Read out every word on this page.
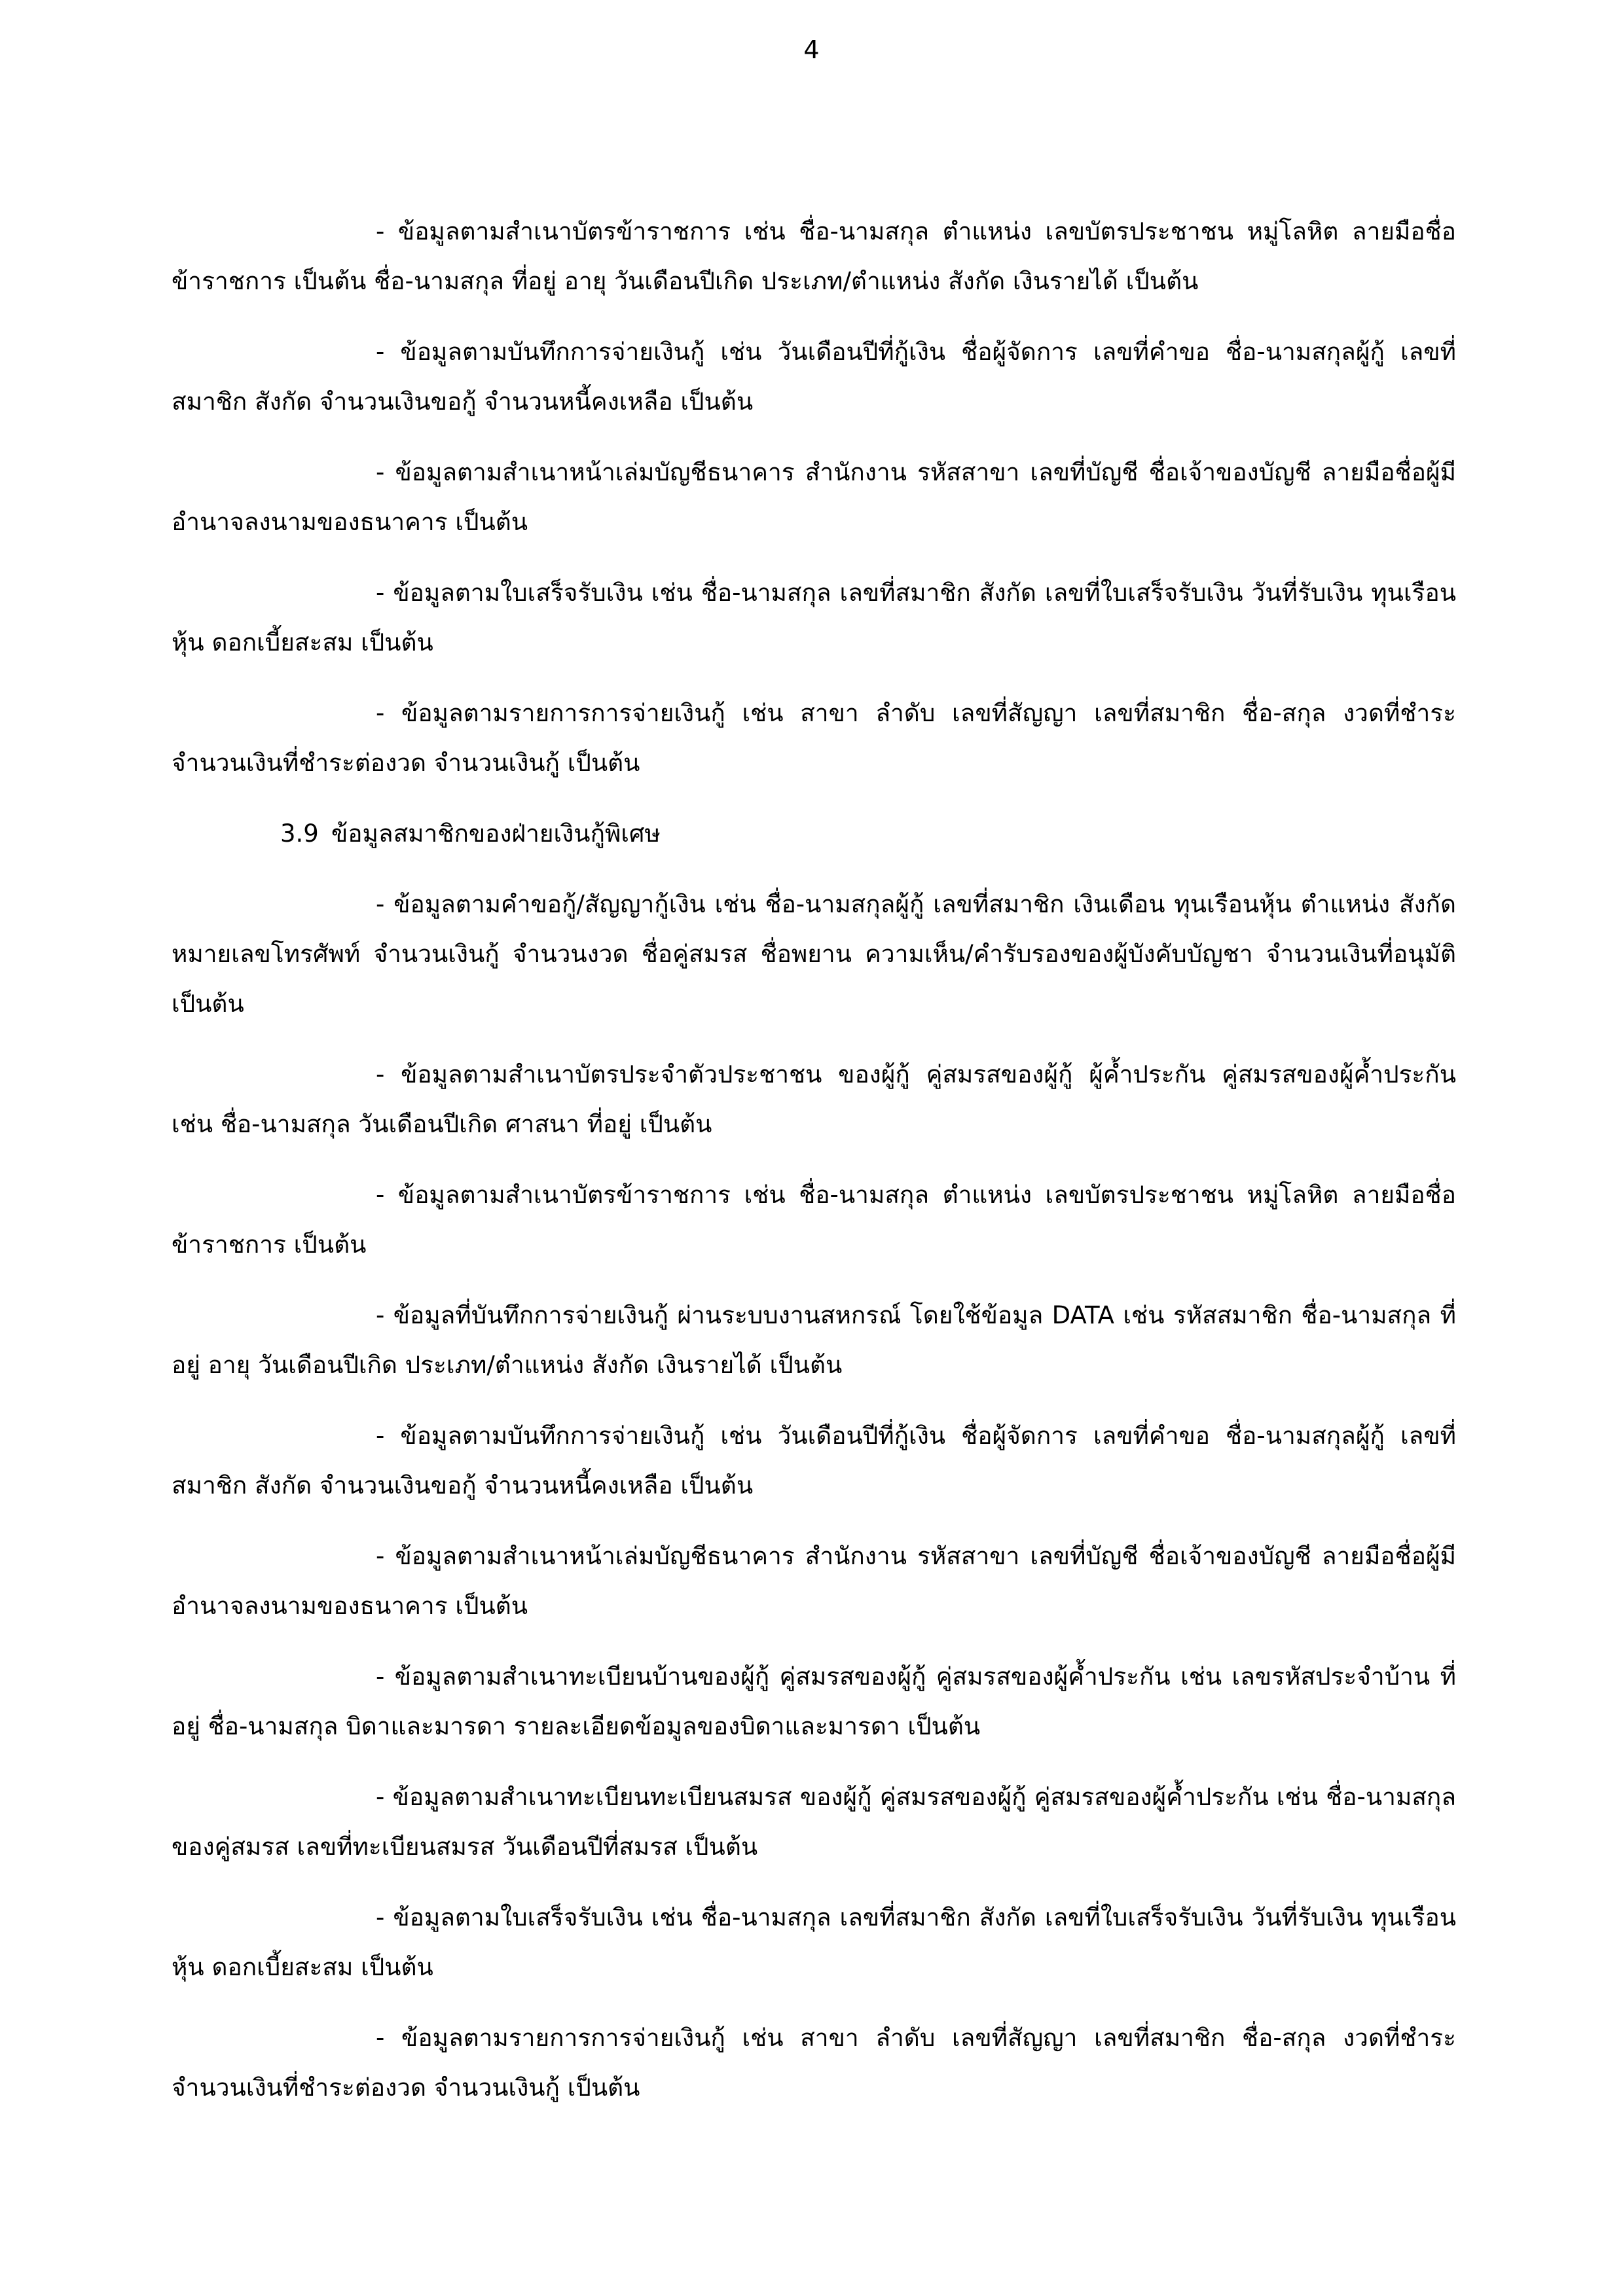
4

- ข้อมูลตามสำเนาบัตรข้าราชการ เช่น ชื่อ-นามสกุล ตำแหน่ง เลขบัตรประชาชน หมู่โลหิต ลายมือชื่อข้าราชการ เป็นต้น ชื่อ-นามสกุล ที่อยู่ อายุ วันเดือนปีเกิด ประเภท/ตำแหน่ง สังกัด เงินรายได้ เป็นต้น

- ข้อมูลตามบันทึกการจ่ายเงินกู้ เช่น วันเดือนปีที่กู้เงิน ชื่อผู้จัดการ เลขที่คำขอ ชื่อ-นามสกุลผู้กู้ เลขที่สมาชิก สังกัด จำนวนเงินขอกู้ จำนวนหนี้คงเหลือ เป็นต้น

- ข้อมูลตามสำเนาหน้าเล่มบัญชีธนาคาร สำนักงาน รหัสสาขา เลขที่บัญชี ชื่อเจ้าของบัญชี ลายมือชื่อผู้มีอำนาจลงนามของธนาคาร เป็นต้น

- ข้อมูลตามใบเสร็จรับเงิน เช่น ชื่อ-นามสกุล เลขที่สมาชิก สังกัด เลขที่ใบเสร็จรับเงิน วันที่รับเงิน ทุนเรือนหุ้น ดอกเบี้ยสะสม เป็นต้น

- ข้อมูลตามรายการการจ่ายเงินกู้ เช่น สาขา ลำดับ เลขที่สัญญา เลขที่สมาชิก ชื่อ-สกุล งวดที่ชำระ จำนวนเงินที่ชำระต่องวด จำนวนเงินกู้ เป็นต้น

3.9 ข้อมูลสมาชิกของฝ่ายเงินกู้พิเศษ

- ข้อมูลตามคำขอกู้/สัญญากู้เงิน เช่น ชื่อ-นามสกุลผู้กู้ เลขที่สมาชิก เงินเดือน ทุนเรือนหุ้น ตำแหน่ง สังกัด หมายเลขโทรศัพท์ จำนวนเงินกู้ จำนวนงวด ชื่อคู่สมรส ชื่อพยาน ความเห็น/คำรับรองของผู้บังคับบัญชา จำนวนเงินที่อนุมัติ เป็นต้น

- ข้อมูลตามสำเนาบัตรประจำตัวประชาชน ของผู้กู้ คู่สมรสของผู้กู้ ผู้ค้ำประกัน คู่สมรสของผู้ค้ำประกัน เช่น ชื่อ-นามสกุล วันเดือนปีเกิด ศาสนา ที่อยู่ เป็นต้น

- ข้อมูลตามสำเนาบัตรข้าราชการ เช่น ชื่อ-นามสกุล ตำแหน่ง เลขบัตรประชาชน หมู่โลหิต ลายมือชื่อข้าราชการ เป็นต้น

- ข้อมูลที่บันทึกการจ่ายเงินกู้ ผ่านระบบงานสหกรณ์ โดยใช้ข้อมูล DATA เช่น รหัสสมาชิก ชื่อ-นามสกุล ที่อยู่ อายุ วันเดือนปีเกิด ประเภท/ตำแหน่ง สังกัด เงินรายได้ เป็นต้น

- ข้อมูลตามบันทึกการจ่ายเงินกู้ เช่น วันเดือนปีที่กู้เงิน ชื่อผู้จัดการ เลขที่คำขอ ชื่อ-นามสกุลผู้กู้ เลขที่สมาชิก สังกัด จำนวนเงินขอกู้ จำนวนหนี้คงเหลือ เป็นต้น

- ข้อมูลตามสำเนาหน้าเล่มบัญชีธนาคาร สำนักงาน รหัสสาขา เลขที่บัญชี ชื่อเจ้าของบัญชี ลายมือชื่อผู้มีอำนาจลงนามของธนาคาร เป็นต้น

- ข้อมูลตามสำเนาทะเบียนบ้านของผู้กู้ คู่สมรสของผู้กู้ คู่สมรสของผู้ค้ำประกัน เช่น เลขรหัสประจำบ้าน ที่อยู่ ชื่อ-นามสกุล บิดาและมารดา รายละเอียดข้อมูลของบิดาและมารดา เป็นต้น

- ข้อมูลตามสำเนาทะเบียนทะเบียนสมรส ของผู้กู้ คู่สมรสของผู้กู้ คู่สมรสของผู้ค้ำประกัน เช่น ชื่อ-นามสกุลของคู่สมรส เลขที่ทะเบียนสมรส วันเดือนปีที่สมรส เป็นต้น

- ข้อมูลตามใบเสร็จรับเงิน เช่น ชื่อ-นามสกุล เลขที่สมาชิก สังกัด เลขที่ใบเสร็จรับเงิน วันที่รับเงิน ทุนเรือนหุ้น ดอกเบี้ยสะสม เป็นต้น

- ข้อมูลตามรายการการจ่ายเงินกู้ เช่น สาขา ลำดับ เลขที่สัญญา เลขที่สมาชิก ชื่อ-สกุล งวดที่ชำระ จำนวนเงินที่ชำระต่องวด จำนวนเงินกู้ เป็นต้น
